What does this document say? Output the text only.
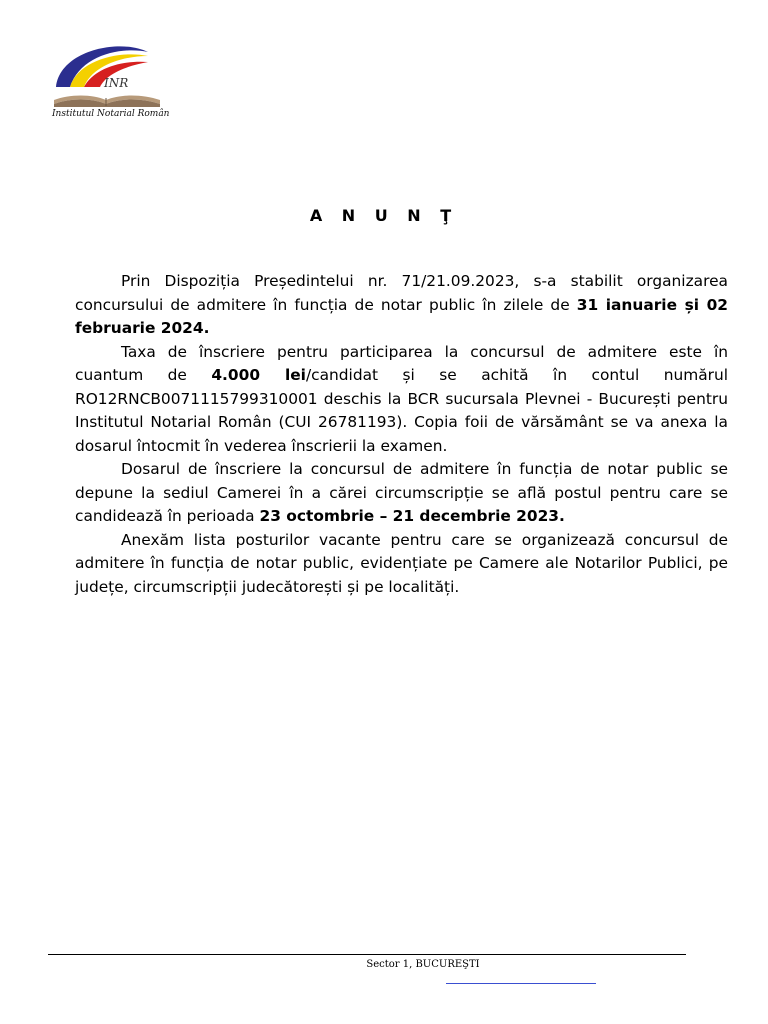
INR
Institutul Notarial Român
A N U N Ţ

Prin Dispoziția Președintelui nr. 71/21.09.2023, s-a stabilit organizarea concursului de admitere în funcția de notar public în zilele de 31 ianuarie și 02 februarie 2024.

Taxa de înscriere pentru participarea la concursul de admitere este în cuantum de 4.000 lei/candidat și se achită în contul numărul RO12RNCB0071115799310001 deschis la BCR sucursala Plevnei - București pentru Institutul Notarial Român (CUI 26781193). Copia foii de vărsământ se va anexa la dosarul întocmit în vederea înscrierii la examen.

Dosarul de înscriere la concursul de admitere în funcția de notar public se depune la sediul Camerei în a cărei circumscripție se află postul pentru care se candidează în perioada 23 octombrie – 21 decembrie 2023.

Anexăm lista posturilor vacante pentru care se organizează concursul de admitere în funcția de notar public, evidențiate pe Camere ale Notarilor Publici, pe județe, circumscripții judecătorești și pe localități.

Sector 1, BUCUREŞTI
